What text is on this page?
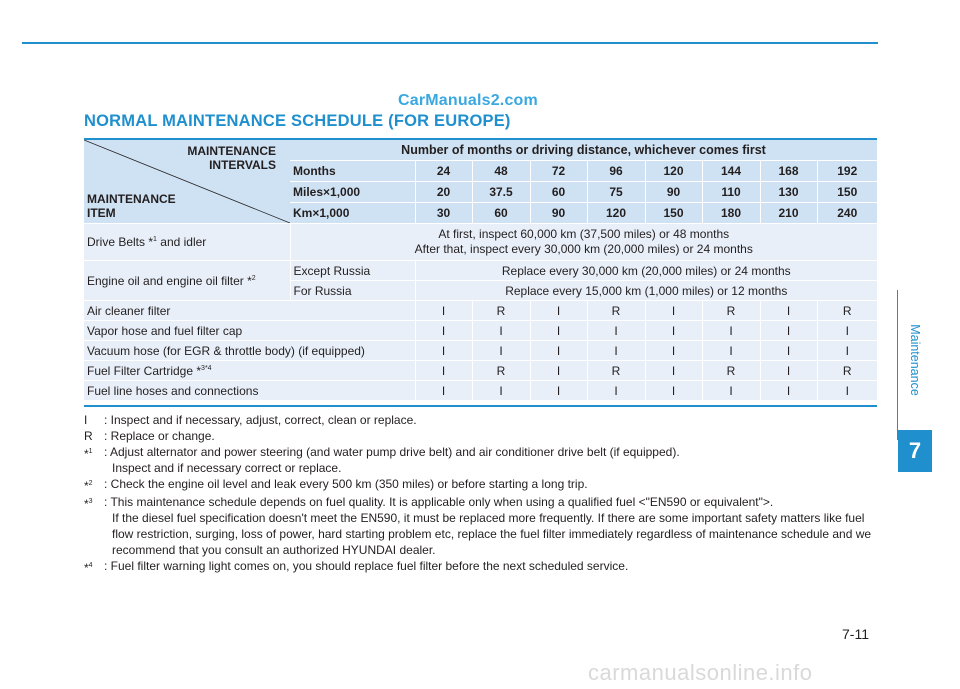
CarManuals2.com
NORMAL MAINTENANCE SCHEDULE (FOR EUROPE)
Maintenance
7
MAINTENANCE
INTERVALS
MAINTENANCE
ITEM	Number of months or driving distance, whichever comes first								
	Months	24	48	72	96	120	144	168	192
	Miles×1,000	20	37.5	60	75	90	110	130	150
	Km×1,000	30	60	90	120	150	180	210	240
Drive Belts *$^1$ and idler	At first, inspect 60,000 km (37,500 miles) or 48 months
After that, inspect every 30,000 km (20,000 miles) or 24 months								
Engine oil and engine oil filter *$^2$	Except Russia	Replace every 30,000 km (20,000 miles) or 24 months							
	For Russia	Replace every 15,000 km (1,000 miles) or 12 months							
Air cleaner filter		I	R	I	R	I	R	I	R
Vapor hose and fuel filter cap		I	I	I	I	I	I	I	I
Vacuum hose (for EGR & throttle body) (if equipped)		I	I	I	I	I	I	I	I
Fuel Filter Cartridge *$^{3*4}$		I	R	I	R	I	R	I	R
Fuel line hoses and connections		I	I	I	I	I	I	I	I
I	: Inspect and if necessary, adjust, correct, clean or replace.
R : Replace or change.
*$^1$ : Adjust alternator and power steering (and water pump drive belt) and air conditioner drive belt (if equipped).
Inspect and if necessary correct or replace.
*$^2$ : Check the engine oil level and leak every 500 km (350 miles) or before starting a long trip.
*$^3$ : This maintenance schedule depends on fuel quality. It is applicable only when using a qualified fuel <"EN590 or equivalent">.
If the diesel fuel specification doesn't meet the EN590, it must be replaced more frequently. If there are some important safety matters like fuel flow restriction, surging, loss of power, hard starting problem etc, replace the fuel filter immediately regardless of maintenance schedule and we recommend that you consult an authorized HYUNDAI dealer.
*$^4$ : Fuel filter warning light comes on, you should replace fuel filter before the next scheduled service.
7-11
carmanualsonline.info
